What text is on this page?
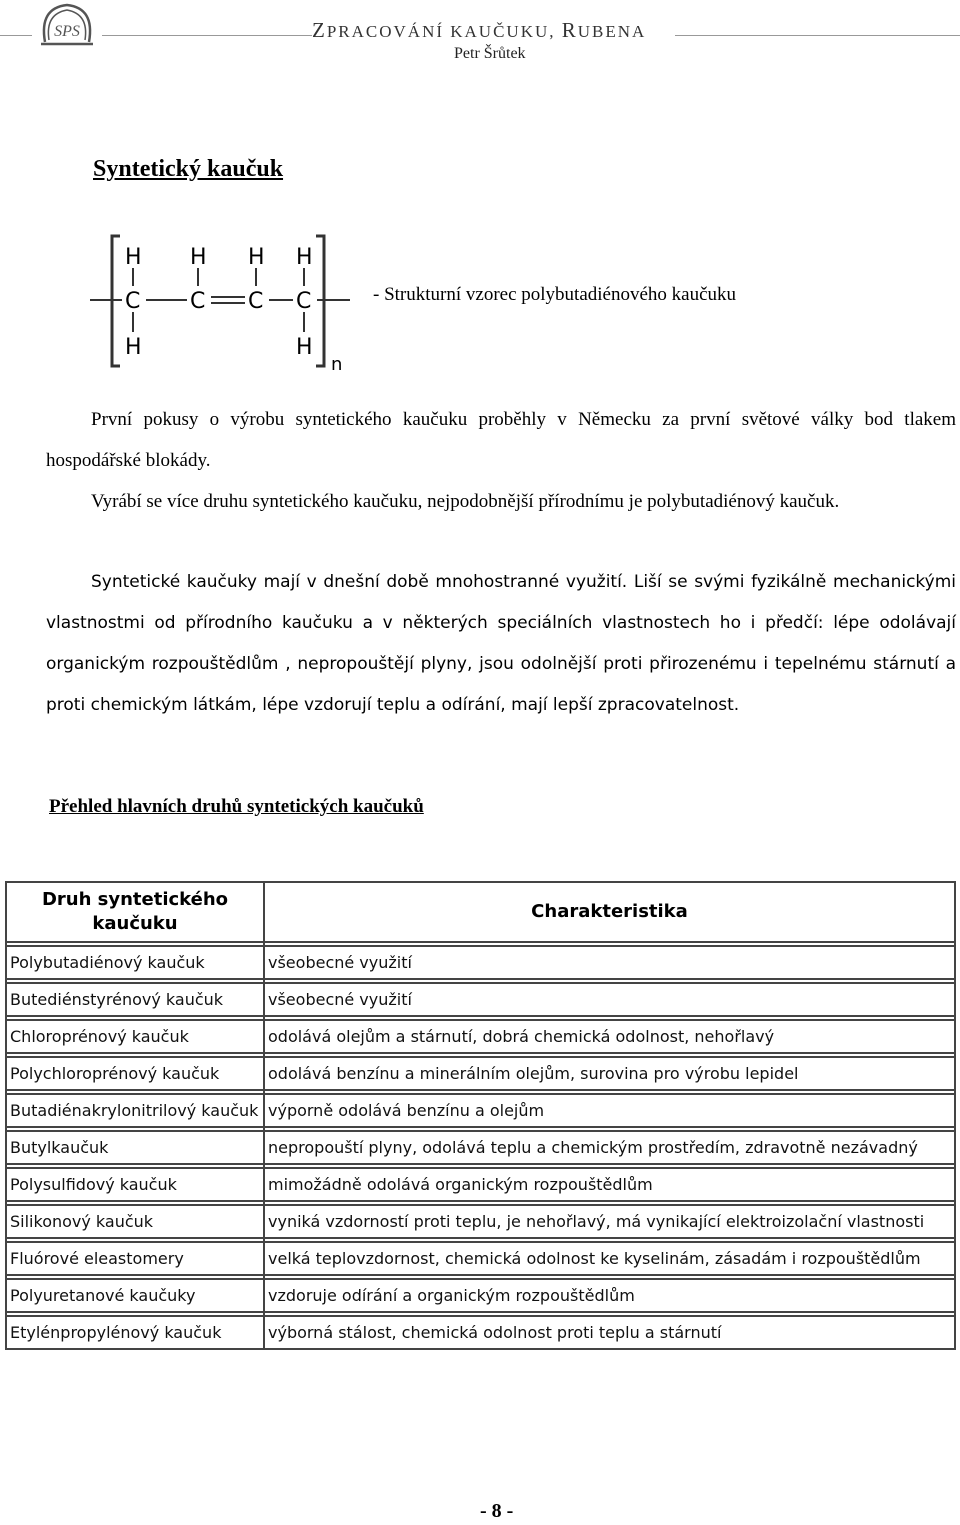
SPS	ZPRACOVÁNÍ KAUČUKU, RUBENA
Petr Šrůtek
Syntetický kaučuk
H H H H
C C C C
H	H
n
- Strukturní vzorec polybutadiénového kaučuku
První pokusy o výrobu syntetického kaučuku proběhly v Německu za první světové války bod tlakem hospodářské blokády.
Vyrábí se více druhu syntetického kaučuku, nejpodobnější přírodnímu je polybutadiénový kaučuk.
Syntetické kaučuky mají v dnešní době mnohostranné využití. Liší se svými fyzikálně mechanickými vlastnostmi od přírodního kaučuku a v některých speciálních vlastnostech ho i předčí: lépe odolávají organickým rozpouštědlům , nepropouštějí plyny, jsou odolnější proti přirozenému i tepelnému stárnutí a proti chemickým látkám, lépe vzdorují teplu a odírání, mají lepší zpracovatelnost.
Přehled hlavních druhů syntetických kaučuků
Druh syntetického
kaučuku	Charakteristika

Polybutadiénový kaučuk	všeobecné využití

Butediénstyrénový kaučuk	všeobecné využití

Chloroprénový kaučuk	odolává olejům a stárnutí, dobrá chemická odolnost, nehořlavý

Polychloroprénový kaučuk	odolává benzínu a minerálním olejům, surovina pro výrobu lepidel

Butadiénakrylonitrilový kaučuk	výporně odolává benzínu a olejům

Butylkaučuk	nepropouští plyny, odolává teplu a chemickým prostředím, zdravotně nezávadný

Polysulfidový kaučuk	mimožádně odolává organickým rozpouštědlům

Silikonový kaučuk	vyniká vzdorností proti teplu, je nehořlavý, má vynikající elektroizolační vlastnosti

Fluórové eleastomery	velká teplovzdornost, chemická odolnost ke kyselinám, zásadám i rozpouštědlům

Polyuretanové kaučuky	vzdoruje odírání a organickým rozpouštědlům

Etylénpropylénový kaučuk	výborná stálost, chemická odolnost proti teplu a stárnutí
- 8 -
